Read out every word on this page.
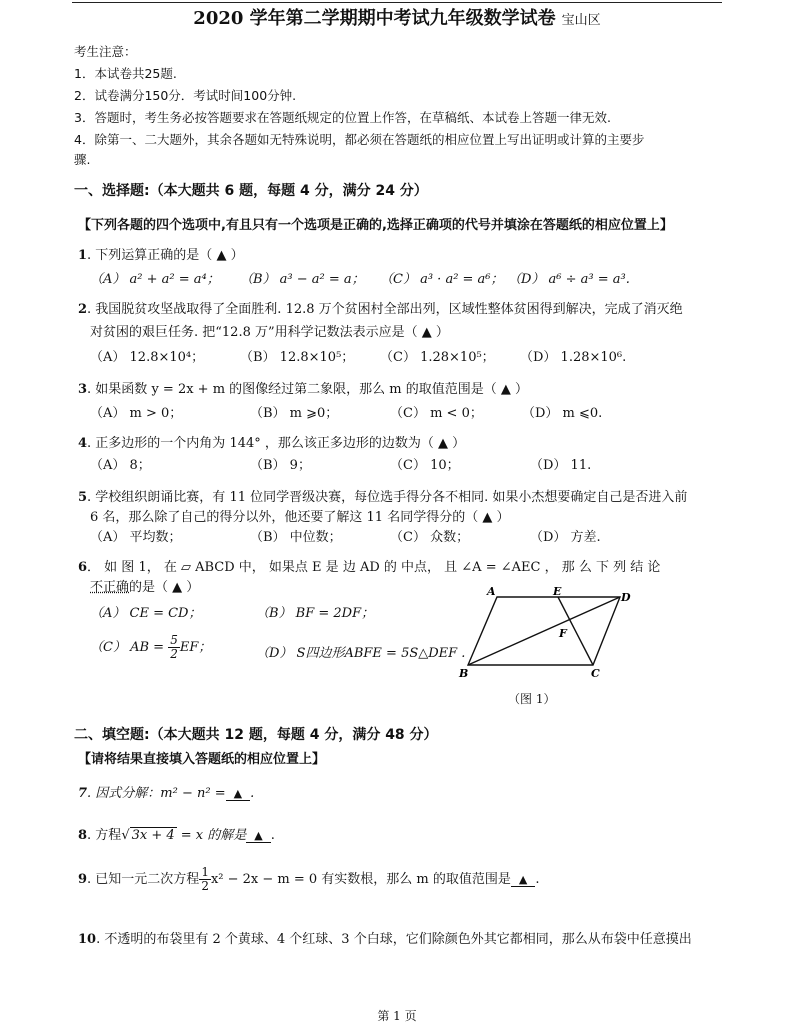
2020 学年第二学期期中考试九年级数学试卷 宝山区
考生注意：
1．本试卷共25题.
2．试卷满分150分．考试时间100分钟.
3．答题时，考生务必按答题要求在答题纸规定的位置上作答，在草稿纸、本试卷上答题一律无效.
4．除第一、二大题外，其余各题如无特殊说明，都必须在答题纸的相应位置上写出证明或计算的主要步
骤.
一、选择题:（本大题共 6 题，每题 4 分，满分 24 分）
【下列各题的四个选项中,有且只有一个选项是正确的,选择正确项的代号并填涂在答题纸的相应位置上】
1. 下列运算正确的是（ ▲ ）
（A） a² + a² = a⁴； （B） a³ − a² = a； （C） a³ · a² = a⁶； （D） a⁶ ÷ a³ = a³.
2. 我国脱贫攻坚战取得了全面胜利. 12.8 万个贫困村全部出列，区域性整体贫困得到解决，完成了消灭绝
对贫困的艰巨任务. 把“12.8 万”用科学记数法表示应是（ ▲ ）
（A） 12.8×10⁴；	（B） 12.8×10⁵； （C） 1.28×10⁵； （D） 1.28×10⁶.
3. 如果函数 y = 2x + m 的图像经过第二象限，那么 m 的取值范围是（ ▲ ）
（A） m > 0；	（B） m ⩾0；	（C） m < 0；	（D） m ⩽0.
4. 正多边形的一个内角为 144° ，那么该正多边形的边数为（ ▲ ）
（A） 8；	（B） 9；	（C） 10；	（D） 11.
5. 学校组织朗诵比赛，有 11 位同学晋级决赛，每位选手得分各不相同. 如果小杰想要确定自己是否进入前
6 名，那么除了自己的得分以外，他还要了解这 11 名同学得分的（ ▲ ）
（A） 平均数；	（B） 中位数；	（C） 众数；	（D） 方差.
6． 如 图 1， 在 ▱ ABCD 中， 如果点 E 是 边 AD 的 中点， 且 ∠A = ∠AEC ， 那 么 下 列 结 论
不正确的是（ ▲ ）
（A） CE = CD；	（B） BF = 2DF；
（C） AB = $\frac{5}{2}$ EF；	（D） S四边形ABFE = 5S△DEF .
A	E	D
F
B	C
（图 1）
二、填空题:（本大题共 12 题，每题 4 分，满分 48 分）
【请将结果直接填入答题纸的相应位置上】
7. 因式分解：m² − n² = ▲ .
8. 方程√ 3x + 4 = x 的解是 ▲ .
9. 已知一元二次方程 $\frac{1}{2} x^2 - 2x - m = 0$ 有实数根，那么 m 的取值范围是 ▲ .
10. 不透明的布袋里有 2 个黄球、4 个红球、3 个白球，它们除颜色外其它都相同，那么从布袋中任意摸出
第 1 页
